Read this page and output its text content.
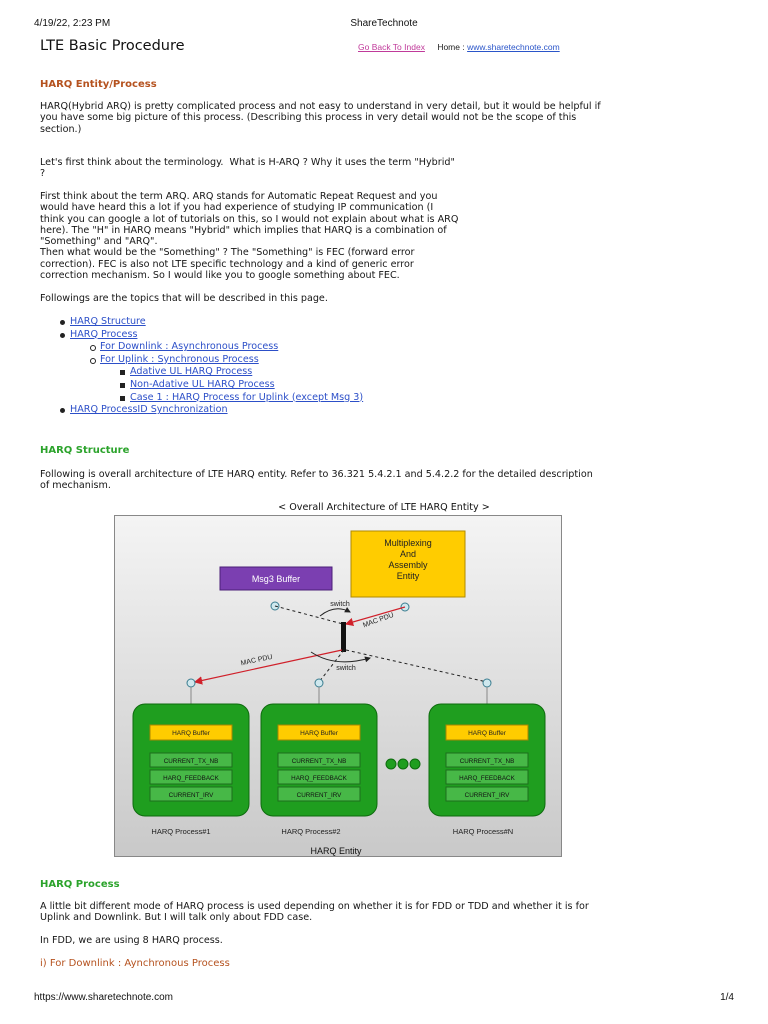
4/19/22, 2:23 PM	ShareTechnote
LTE Basic Procedure	Go Back To Index Home : www.sharetechnote.com
HARQ Entity/Process
HARQ(Hybrid ARQ) is pretty complicated process and not easy to understand in very detail, but it would be helpful if
you have some big picture of this process. (Describing this process in very detail would not be the scope of this
section.)
Let's first think about the terminology.  What is H-ARQ ? Why it uses the term "Hybrid"
?
First think about the term ARQ. ARQ stands for Automatic Repeat Request and you
would have heard this a lot if you had experience of studying IP communication (I
think you can google a lot of tutorials on this, so I would not explain about what is ARQ
here). The "H" in HARQ means "Hybrid" which implies that HARQ is a combination of
"Something" and "ARQ".
Then what would be the "Something" ? The "Something" is FEC (forward error
correction). FEC is also not LTE specific technology and a kind of generic error
correction mechanism. So I would like you to google something about FEC.
Followings are the topics that will be described in this page.
HARQ Structure
HARQ Process
For Downlink : Asynchronous Process
For Uplink : Synchronous Process
Adative UL HARQ Process
Non-Adative UL HARQ Process
Case 1 : HARQ Process for Uplink (except Msg 3)
HARQ ProcessID Synchronization
HARQ Structure
Following is overall architecture of LTE HARQ entity. Refer to 36.321 5.4.2.1 and 5.4.2.2 for the detailed description
of mechanism.
< Overall Architecture of LTE HARQ Entity >
Multiplexing
And
Assembly
Entity
Msg3 Buffer
switch
MAC PDU
switch
MAC PDU
HARQ Buffer
CURRENT_TX_NB
HARQ_FEEDBACK
CURRENT_IRV
HARQ Buffer
CURRENT_TX_NB
HARQ_FEEDBACK
CURRENT_IRV
HARQ Buffer
CURRENT_TX_NB
HARQ_FEEDBACK
CURRENT_IRV
HARQ Process#1	HARQ Process#2	HARQ Process#N
HARQ Entity
HARQ Process
A little bit different mode of HARQ process is used depending on whether it is for FDD or TDD and whether it is for
Uplink and Downlink. But I will talk only about FDD case.
In FDD, we are using 8 HARQ process.
i) For Downlink : Aynchronous Process
https://www.sharetechnote.com	1/4
